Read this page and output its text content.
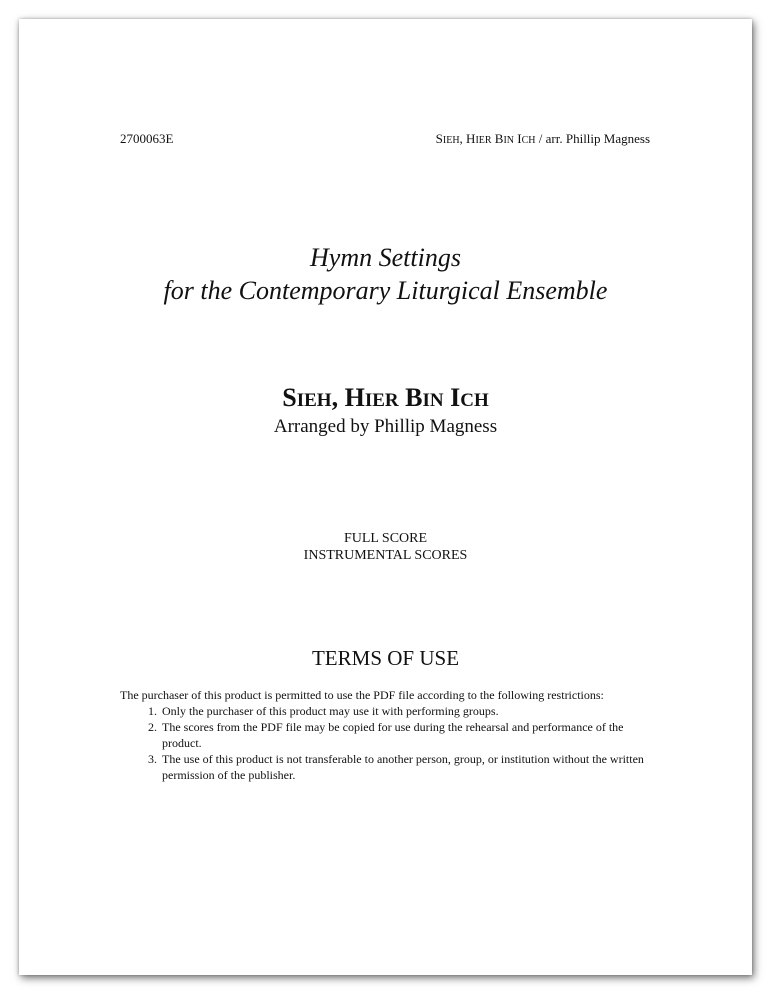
2700063E	SIEH, HIER BIN ICH / arr. Phillip Magness
Hymn Settings
for the Contemporary Liturgical Ensemble
SIEH, HIER BIN ICH
Arranged by Phillip Magness
FULL SCORE
INSTRUMENTAL SCORES
TERMS OF USE
The purchaser of this product is permitted to use the PDF file according to the following restrictions:
1. Only the purchaser of this product may use it with performing groups.
2. The scores from the PDF file may be copied for use during the rehearsal and performance of the product.
3. The use of this product is not transferable to another person, group, or institution without the written permission of the publisher.
